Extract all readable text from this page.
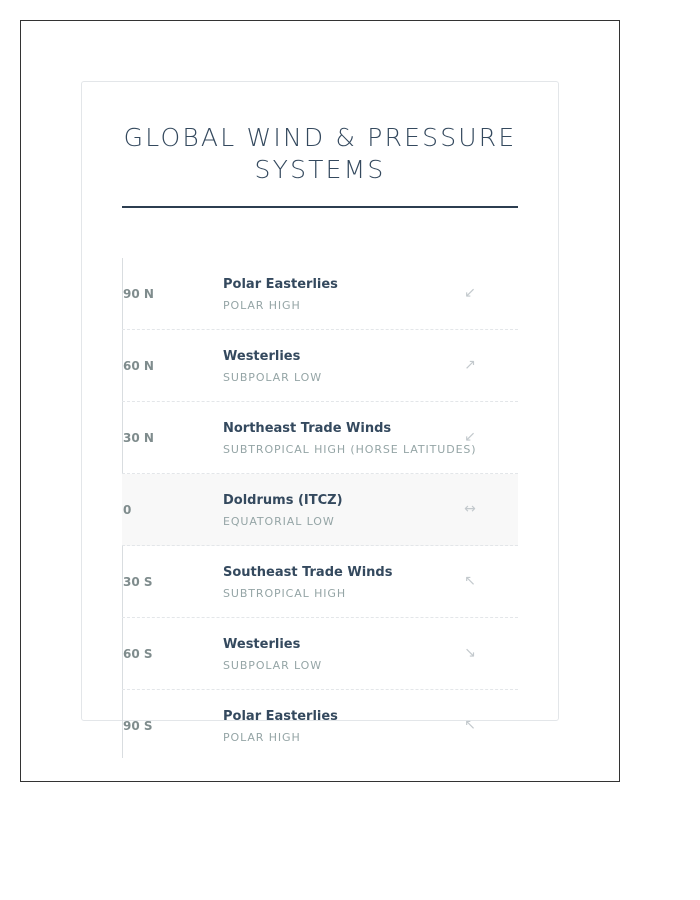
GLOBAL WIND & PRESSURE SYSTEMS
90 N
Polar Easterlies
POLAR HIGH
↙
60 N
Westerlies
SUBPOLAR LOW
↗
30 N
Northeast Trade Winds
SUBTROPICAL HIGH (HORSE LATITUDES)
↙
0
Doldrums (ITCZ)
EQUATORIAL LOW
↔
30 S
Southeast Trade Winds
SUBTROPICAL HIGH
↖
60 S
Westerlies
SUBPOLAR LOW
↘
90 S
Polar Easterlies
POLAR HIGH
↖
